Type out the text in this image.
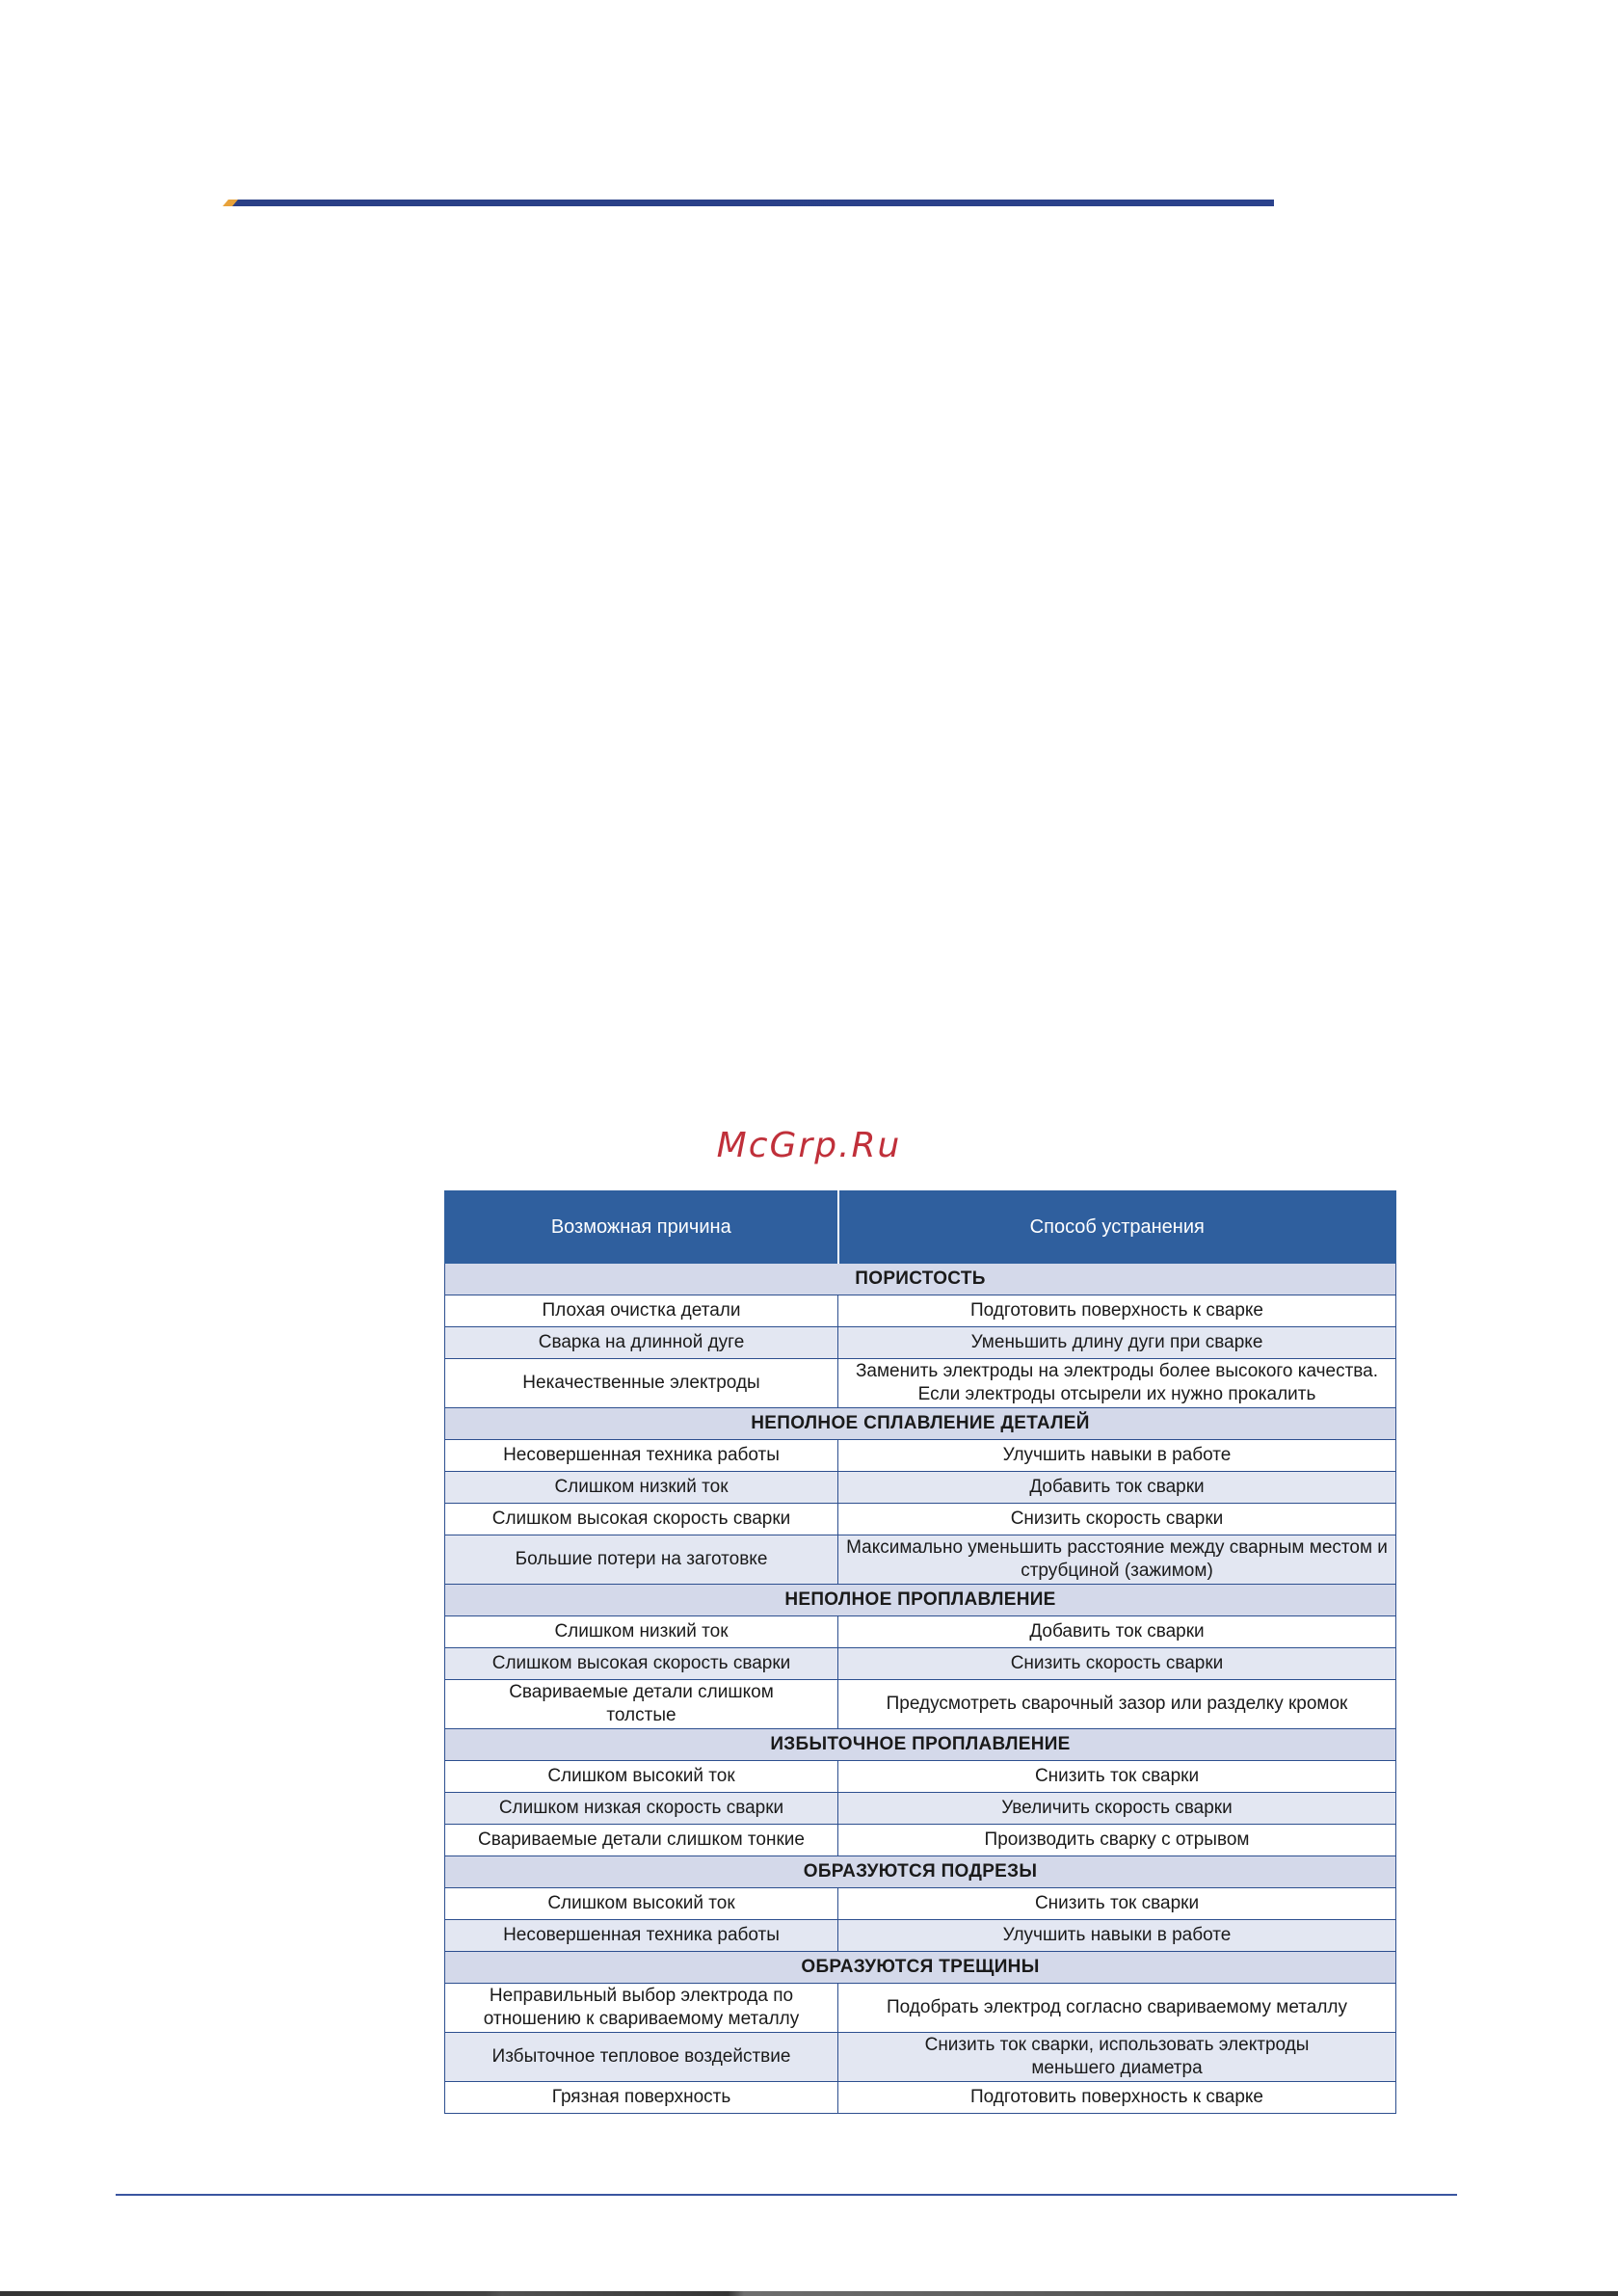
McGrp.Ru
Возможная причина	Способ устранения
ПОРИСТОСТЬ	
Плохая очистка детали	Подготовить поверхность к сварке
Сварка на длинной дуге	Уменьшить длину дуги при сварке
Некачественные электроды	Заменить электроды на электроды более высокого качества. Если электроды отсырели их нужно прокалить
НЕПОЛНОЕ СПЛАВЛЕНИЕ ДЕТАЛЕЙ	
Несовершенная техника работы	Улучшить навыки в работе
Слишком низкий ток	Добавить ток сварки
Слишком высокая скорость сварки	Снизить скорость сварки
Большие потери на заготовке	Максимально уменьшить расстояние между сварным местом и струбциной (зажимом)
НЕПОЛНОЕ ПРОПЛАВЛЕНИЕ	
Слишком низкий ток	Добавить ток сварки
Слишком высокая скорость сварки	Снизить скорость сварки
Свариваемые детали слишком толстые	Предусмотреть сварочный зазор или разделку кромок
ИЗБЫТОЧНОЕ ПРОПЛАВЛЕНИЕ	
Слишком высокий ток	Снизить ток сварки
Слишком низкая скорость сварки	Увеличить скорость сварки
Свариваемые детали слишком тонкие	Производить сварку с отрывом
ОБРАЗУЮТСЯ ПОДРЕЗЫ	
Слишком высокий ток	Снизить ток сварки
Несовершенная техника работы	Улучшить навыки в работе
ОБРАЗУЮТСЯ ТРЕЩИНЫ	
Неправильный выбор электрода по отношению к свариваемому металлу	Подобрать электрод согласно свариваемому металлу
Избыточное тепловое воздействие	Снизить ток сварки, использовать электроды меньшего диаметра
Грязная поверхность	Подготовить поверхность к сварке
